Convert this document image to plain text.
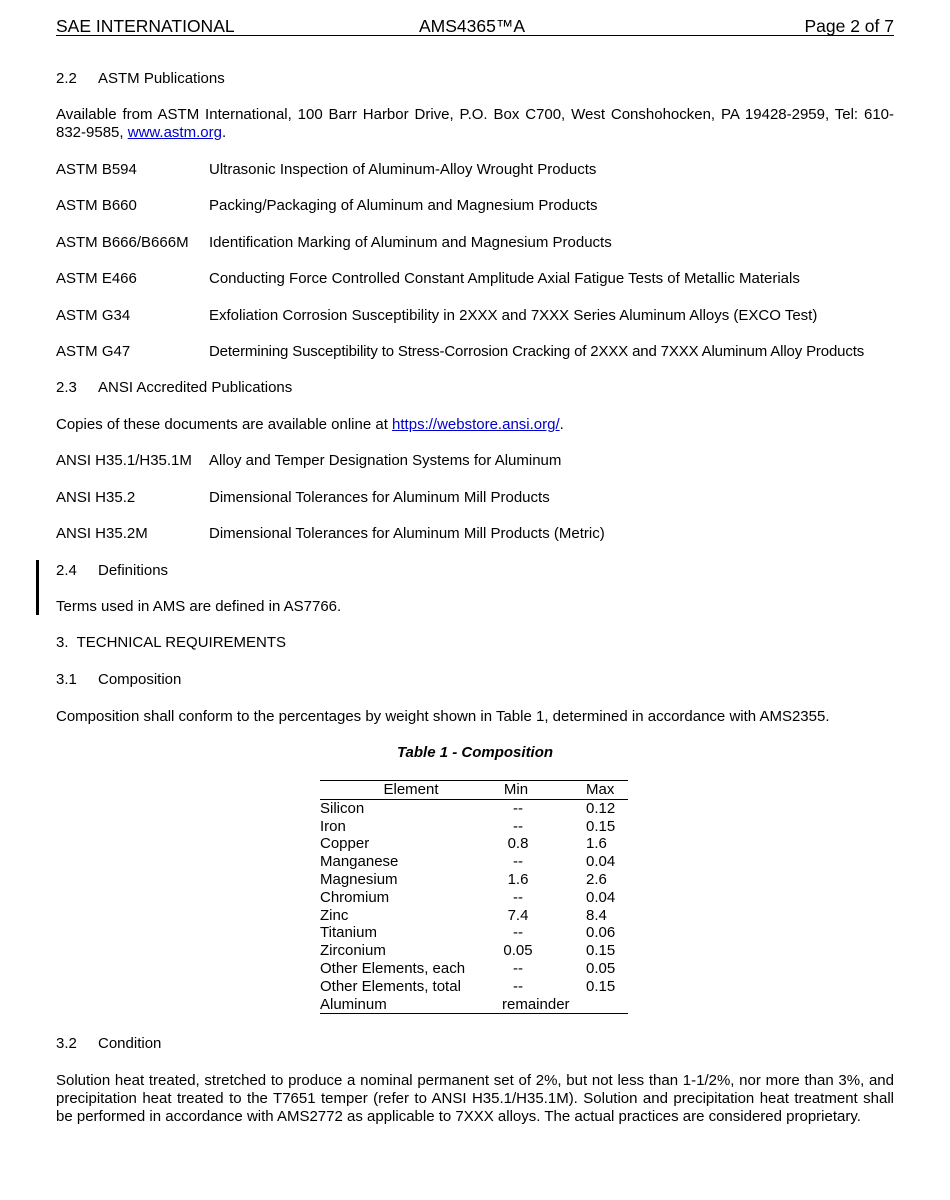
SAE INTERNATIONAL	AMS4365™A	Page 2 of 7
2.2 ASTM Publications
Available from ASTM International, 100 Barr Harbor Drive, P.O. Box C700, West Conshohocken, PA 19428-2959, Tel: 610-832-9585, www.astm.org.
ASTM B594	Ultrasonic Inspection of Aluminum-Alloy Wrought Products
ASTM B660	Packing/Packaging of Aluminum and Magnesium Products
ASTM B666/B666M Identification Marking of Aluminum and Magnesium Products
ASTM E466	Conducting Force Controlled Constant Amplitude Axial Fatigue Tests of Metallic Materials
ASTM G34	Exfoliation Corrosion Susceptibility in 2XXX and 7XXX Series Aluminum Alloys (EXCO Test)
ASTM G47	Determining Susceptibility to Stress-Corrosion Cracking of 2XXX and 7XXX Aluminum Alloy Products
2.3 ANSI Accredited Publications
Copies of these documents are available online at https://webstore.ansi.org/.
ANSI H35.1/H35.1M Alloy and Temper Designation Systems for Aluminum
ANSI H35.2	Dimensional Tolerances for Aluminum Mill Products
ANSI H35.2M	Dimensional Tolerances for Aluminum Mill Products (Metric)
2.4 Definitions
Terms used in AMS are defined in AS7766.
3.  TECHNICAL REQUIREMENTS
3.1 Composition
Composition shall conform to the percentages by weight shown in Table 1, determined in accordance with AMS2355.
Table 1 - Composition
Element	Min	Max
Silicon	--	0.12
Iron	--	0.15
Copper	0.8	1.6
Manganese	--	0.04
Magnesium	1.6	2.6
Chromium	--	0.04
Zinc	7.4	8.4
Titanium	--	0.06
Zirconium	0.05	0.15
Other Elements, each	--	0.05
Other Elements, total	--	0.15
Aluminum	remainder	
3.2 Condition
Solution heat treated, stretched to produce a nominal permanent set of 2%, but not less than 1-1/2%, nor more than 3%, and precipitation heat treated to the T7651 temper (refer to ANSI H35.1/H35.1M). Solution and precipitation heat treatment shall be performed in accordance with AMS2772 as applicable to 7XXX alloys. The actual practices are considered proprietary.
